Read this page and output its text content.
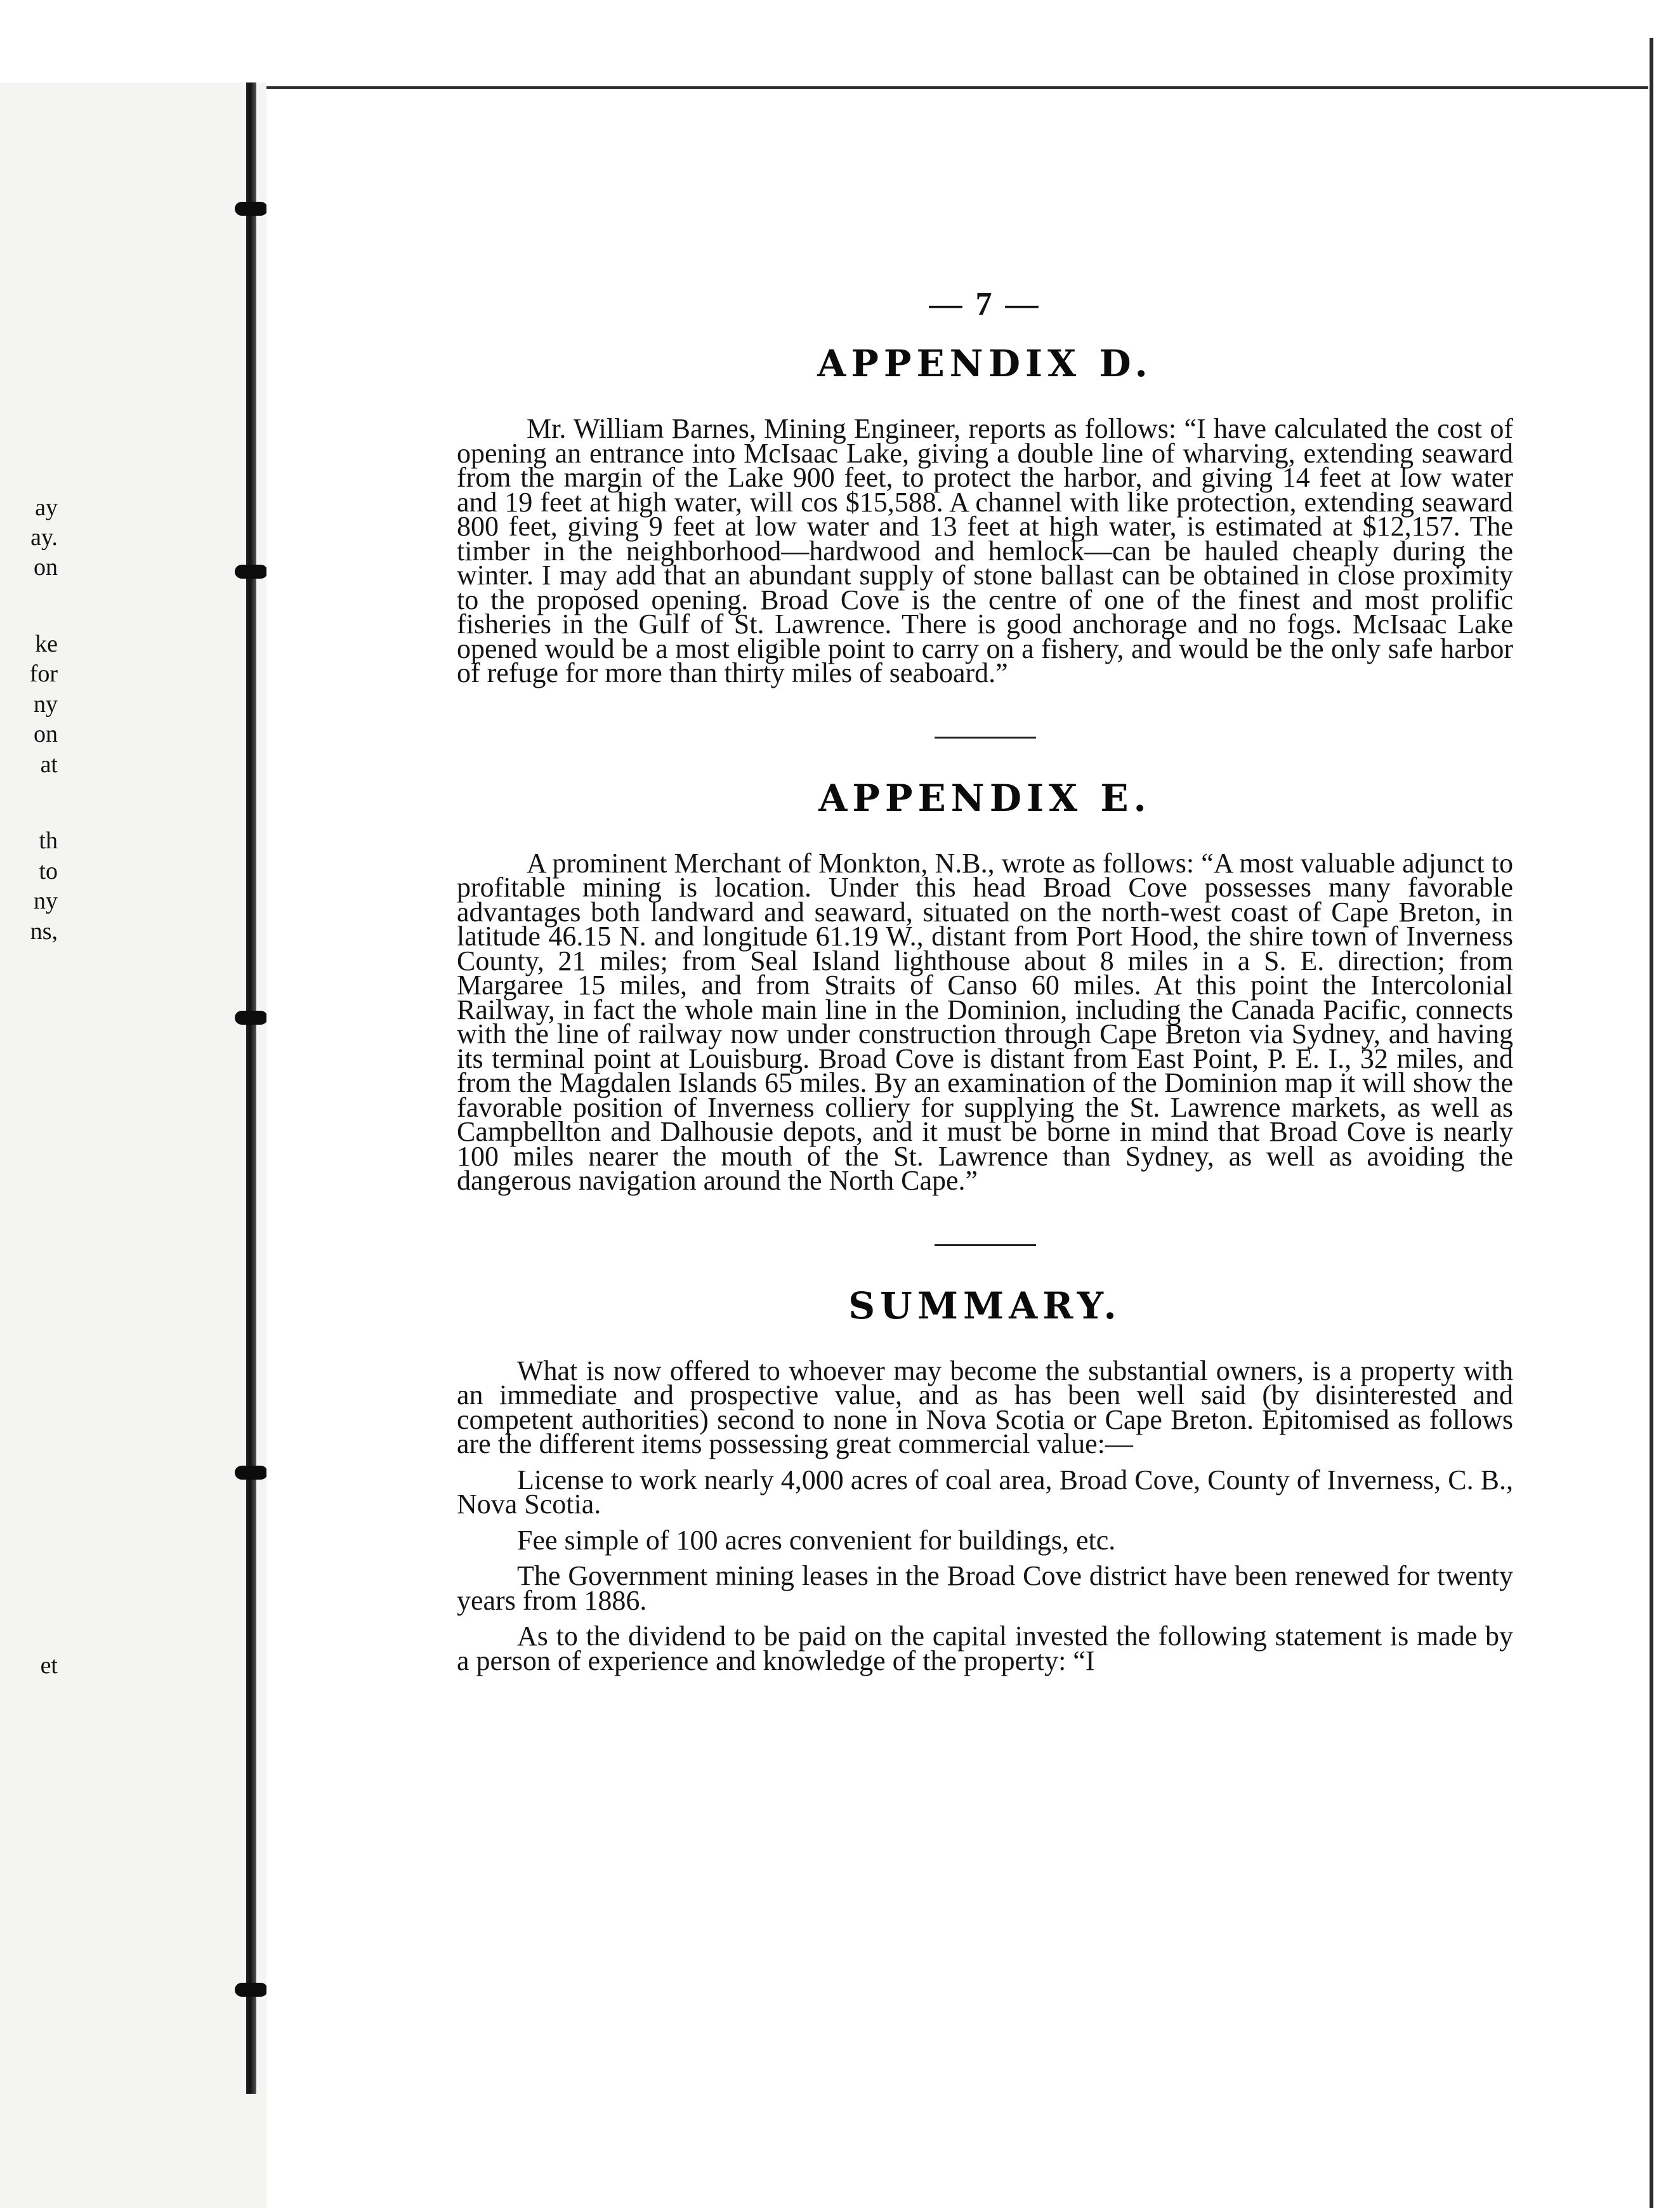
ay
ay.
on
ke
for
ny
on
at
th
to
ny
ns,
et
— 7 —
APPENDIX D.

Mr. William Barnes, Mining Engineer, reports as follows: “I have calculated the cost of opening an entrance into McIsaac Lake, giving a double line of wharving, extending seaward from the margin of the Lake 900 feet, to protect the harbor, and giving 14 feet at low water and 19 feet at high water, will cos $15,588. A channel with like protection, extending seaward 800 feet, giving 9 feet at low water and 13 feet at high water, is estimated at $12,157. The timber in the neighborhood—hardwood and hemlock—can be hauled cheaply during the winter. I may add that an abundant supply of stone ballast can be obtained in close proximity to the proposed opening. Broad Cove is the centre of one of the finest and most prolific fisheries in the Gulf of St. Lawrence. There is good anchorage and no fogs. McIsaac Lake opened would be a most eligible point to carry on a fishery, and would be the only safe harbor of refuge for more than thirty miles of seaboard.”

APPENDIX E.

A prominent Merchant of Monkton, N.B., wrote as follows: “A most valuable adjunct to profitable mining is location. Under this head Broad Cove possesses many favorable advantages both landward and seaward, situated on the north-west coast of Cape Breton, in latitude 46.15 N. and longitude 61.19 W., distant from Port Hood, the shire town of Inverness County, 21 miles; from Seal Island lighthouse about 8 miles in a S. E. direction; from Margaree 15 miles, and from Straits of Canso 60 miles. At this point the Intercolonial Railway, in fact the whole main line in the Dominion, including the Canada Pacific, connects with the line of railway now under construction through Cape Breton via Sydney, and having its terminal point at Louisburg. Broad Cove is distant from East Point, P. E. I., 32 miles, and from the Magdalen Islands 65 miles. By an examination of the Dominion map it will show the favorable position of Inverness colliery for supplying the St. Lawrence markets, as well as Campbellton and Dalhousie depots, and it must be borne in mind that Broad Cove is nearly 100 miles nearer the mouth of the St. Lawrence than Sydney, as well as avoiding the dangerous navigation around the North Cape.”

SUMMARY.

What is now offered to whoever may become the substantial owners, is a property with an immediate and prospective value, and as has been well said (by disinterested and competent authorities) second to none in Nova Scotia or Cape Breton. Epitomised as follows are the different items possessing great commercial value:—

License to work nearly 4,000 acres of coal area, Broad Cove, County of Inverness, C. B., Nova Scotia.

Fee simple of 100 acres convenient for buildings, etc.

The Government mining leases in the Broad Cove district have been renewed for twenty years from 1886.

As to the dividend to be paid on the capital invested the following statement is made by a person of experience and knowledge of the property: “I
